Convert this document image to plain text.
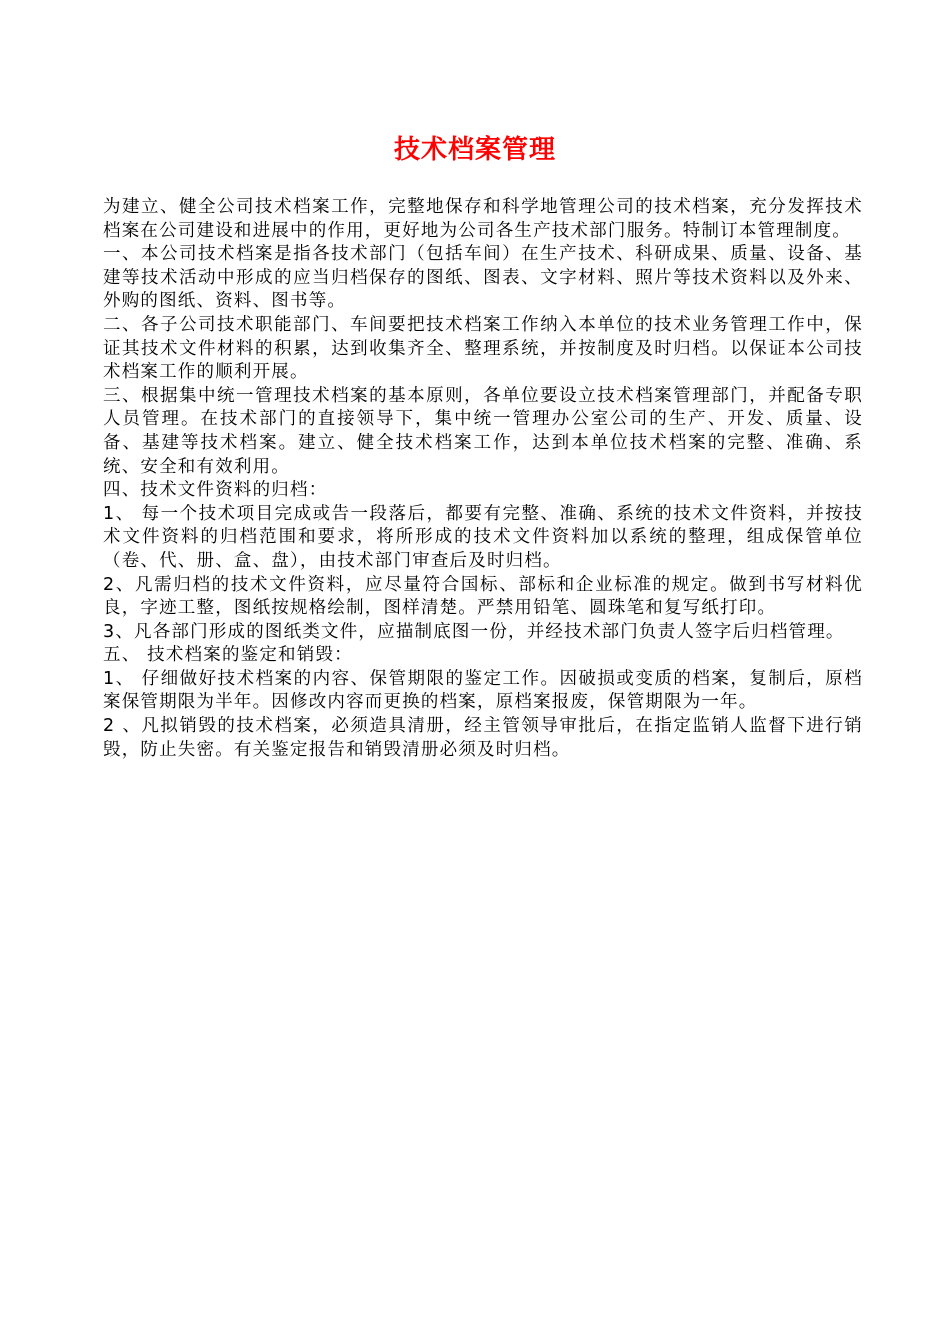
技术档案管理

为建立、健全公司技术档案工作，完整地保存和科学地管理公司的技术档案，充分发挥技术档案在公司建设和进展中的作用，更好地为公司各生产技术部门服务。特制订本管理制度。

一、本公司技术档案是指各技术部门（包括车间）在生产技术、科研成果、质量、设备、基建等技术活动中形成的应当归档保存的图纸、图表、文字材料、照片等技术资料以及外来、外购的图纸、资料、图书等。

二、各子公司技术职能部门、车间要把技术档案工作纳入本单位的技术业务管理工作中，保证其技术文件材料的积累，达到收集齐全、整理系统，并按制度及时归档。以保证本公司技术档案工作的顺利开展。

三、根据集中统一管理技术档案的基本原则，各单位要设立技术档案管理部门，并配备专职人员管理。在技术部门的直接领导下，集中统一管理办公室公司的生产、开发、质量、设备、基建等技术档案。建立、健全技术档案工作，达到本单位技术档案的完整、准确、系统、安全和有效利用。

四、技术文件资料的归档：

1、 每一个技术项目完成或告一段落后，都要有完整、准确、系统的技术文件资料，并按技术文件资料的归档范围和要求，将所形成的技术文件资料加以系统的整理，组成保管单位（卷、代、册、盒、盘），由技术部门审查后及时归档。

2、凡需归档的技术文件资料，应尽量符合国标、部标和企业标准的规定。做到书写材料优良，字迹工整，图纸按规格绘制，图样清楚。严禁用铅笔、圆珠笔和复写纸打印。

3、凡各部门形成的图纸类文件，应描制底图一份，并经技术部门负责人签字后归档管理。

五、 技术档案的鉴定和销毁：

1、 仔细做好技术档案的内容、保管期限的鉴定工作。因破损或变质的档案，复制后，原档案保管期限为半年。因修改内容而更换的档案，原档案报废，保管期限为一年。

2 、凡拟销毁的技术档案，必须造具清册，经主管领导审批后，在指定监销人监督下进行销毁，防止失密。有关鉴定报告和销毁清册必须及时归档。
